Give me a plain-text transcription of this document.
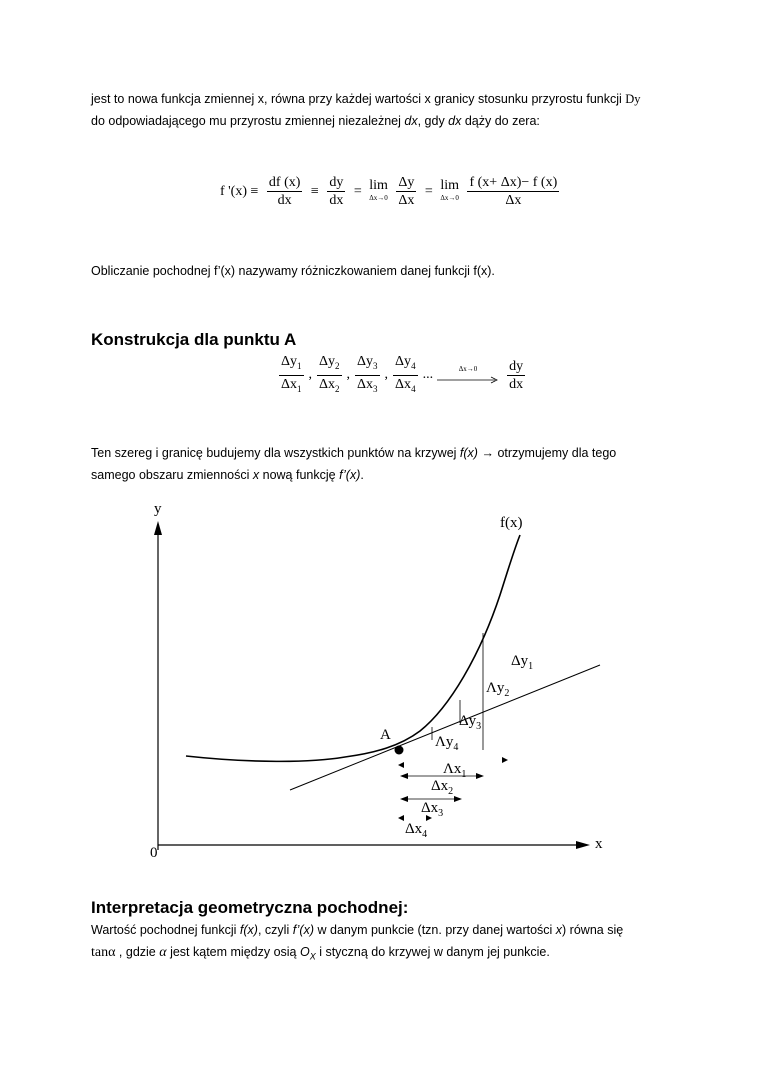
jest to nowa funkcja zmiennej x, równa przy każdej wartości x granicy stosunku przyrostu funkcji Dy
do odpowiadającego mu przyrostu zmiennej niezależnej dx, gdy dx dąży do zera:
f '$(x) \equiv \frac{df (x)}{dx} \equiv \frac{dy}{dx} = \lim$
Δx→0
$\frac{\Delta y}{\Delta x} = \lim$
Δx→0
$\frac{f (x+ \Delta x)- f (x)}{\Delta x}$
Obliczanie pochodnej f’(x) nazywamy różniczkowaniem danej funkcji f(x).
Konstrukcja dla punktu A
$\frac{\Delta y_1}{\Delta x_1}$ , $\frac{\Delta y_2}{\Delta x_2}$ , $\frac{\Delta y_3}{\Delta x_3}$ , $\frac{\Delta y_4}{\Delta x_4}$ ...	Δx→0	$\frac{dy}{dx}$
Ten szereg i granicę budujemy dla wszystkich punktów na krzywej f(x) → otrzymujemy dla tego
samego obszaru zmienności x nową funkcję f’(x).
y
x
0
f(x)
A
$\Delta y_1$
$\Lambda y_2$
$\Delta y_3$
$\Lambda y_4$
$\Lambda x_1$
$\Delta x_2$
$\Delta x_3$
$\Delta x_4$
Interpretacja geometryczna pochodnej:
Wartość pochodnej funkcji f(x), czyli f’(x) w danym punkcie (tzn. przy danej wartości x) równa się
tanα , gdzie α jest kątem między osią $O_X$ i styczną do krzywej w danym jej punkcie.
